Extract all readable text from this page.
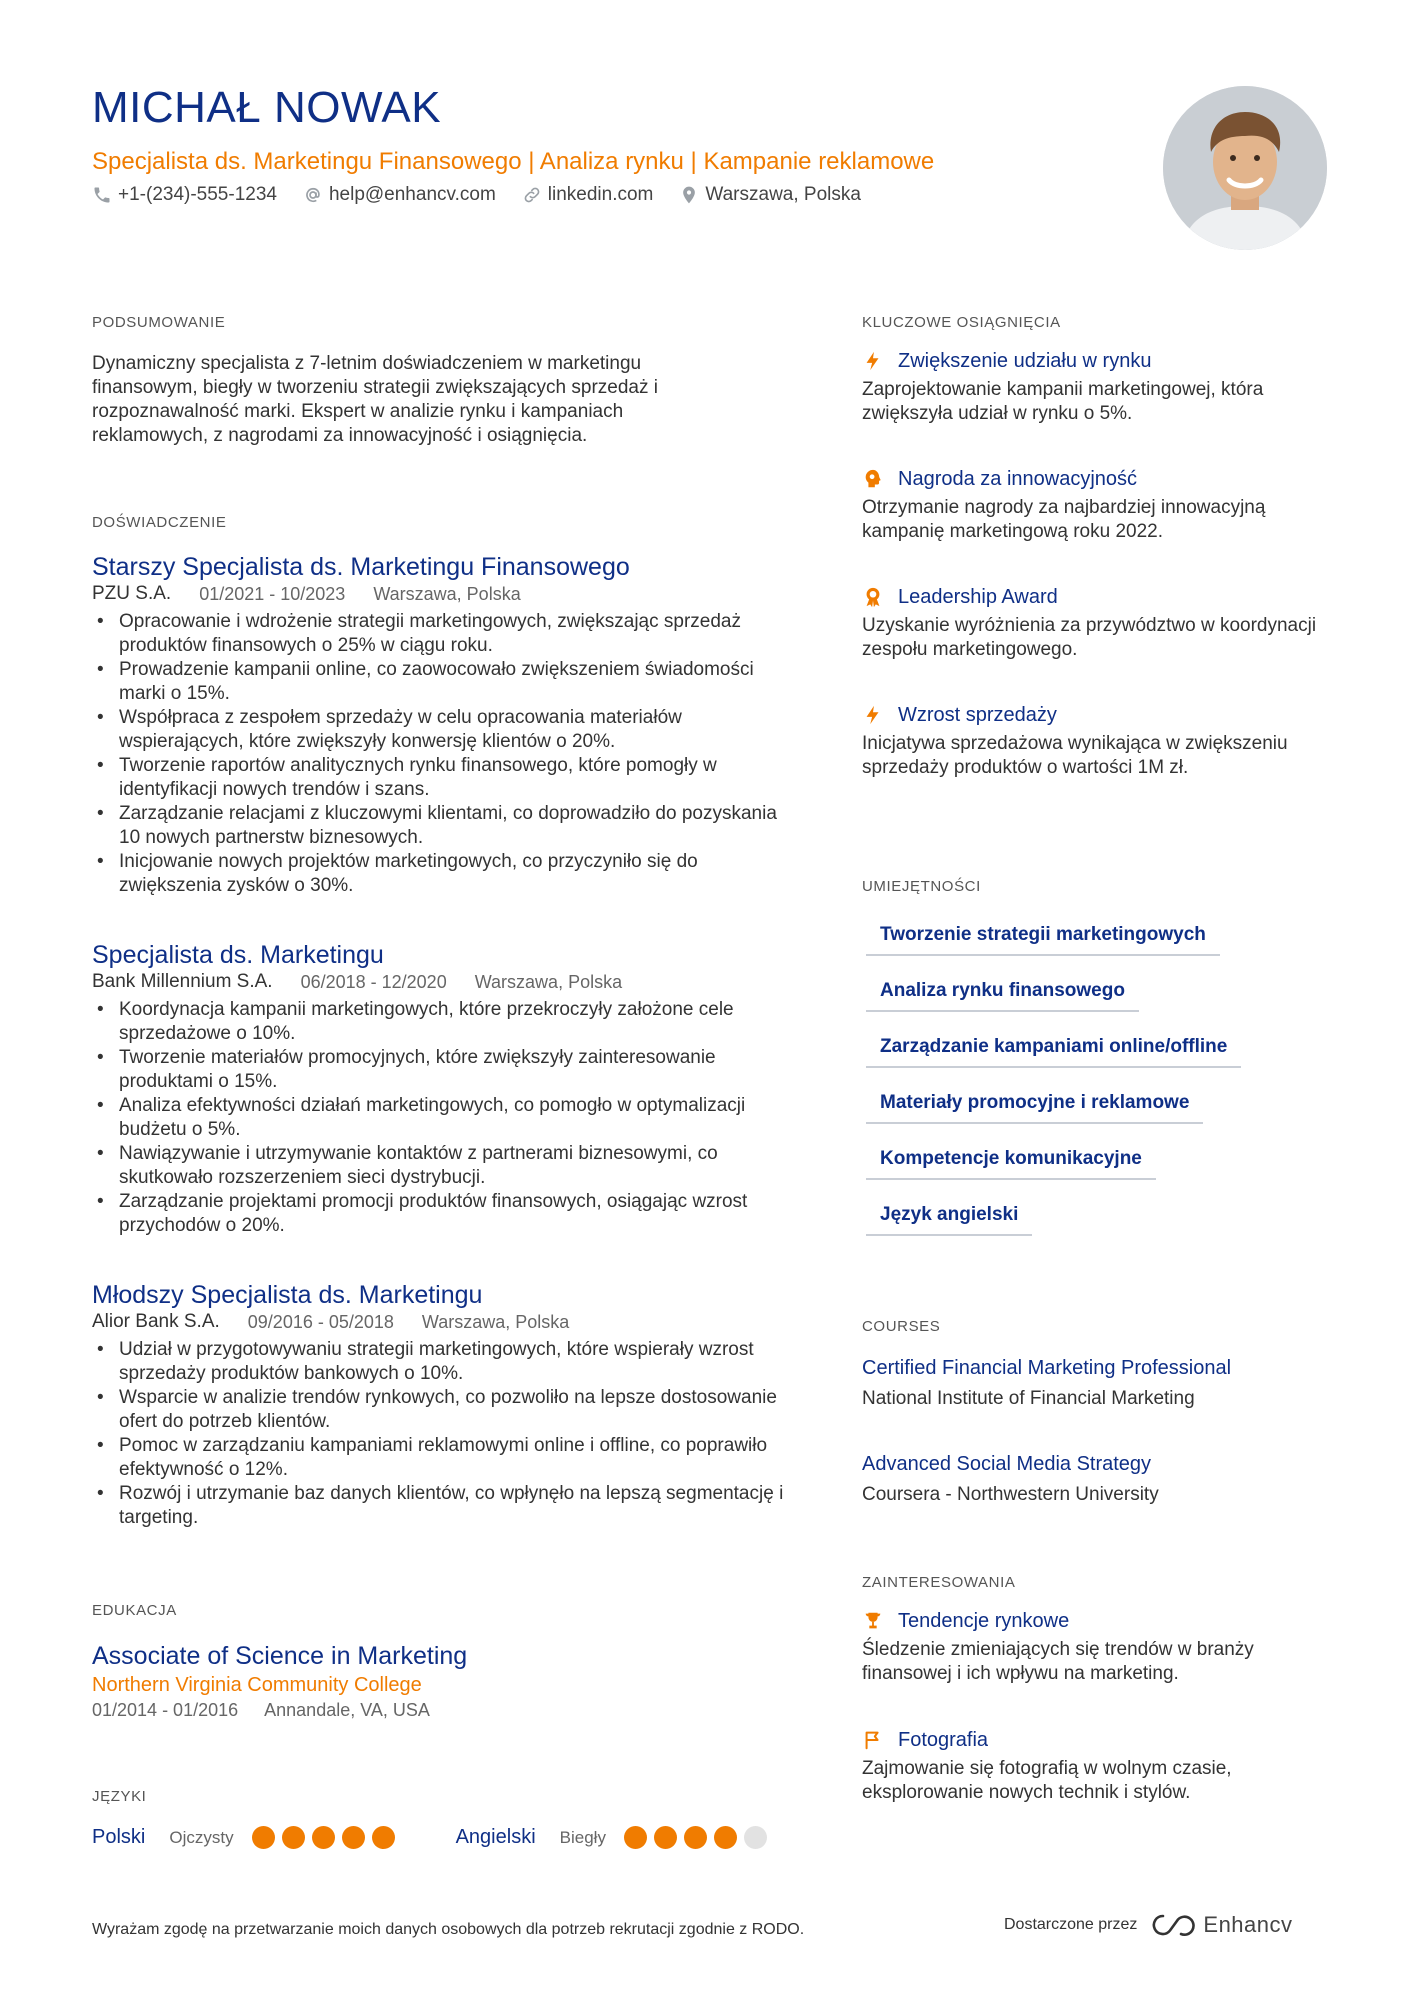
MICHAŁ NOWAK
Specjalista ds. Marketingu Finansowego | Analiza rynku | Kampanie reklamowe
+1-(234)-555-1234	help@enhancv.com	linkedin.com	Warszawa, Polska
PODSUMOWANIE
Dynamiczny specjalista z 7-letnim doświadczeniem w marketingu finansowym, biegły w tworzeniu strategii zwiększających sprzedaż i rozpoznawalność marki. Ekspert w analizie rynku i kampaniach reklamowych, z nagrodami za innowacyjność i osiągnięcia.
DOŚWIADCZENIE
Starszy Specjalista ds. Marketingu Finansowego
PZU S.A. 01/2021 - 10/2023 Warszawa, Polska
• Opracowanie i wdrożenie strategii marketingowych, zwiększając sprzedaż produktów finansowych o 25% w ciągu roku.
• Prowadzenie kampanii online, co zaowocowało zwiększeniem świadomości marki o 15%.
• Współpraca z zespołem sprzedaży w celu opracowania materiałów wspierających, które zwiększyły konwersję klientów o 20%.
• Tworzenie raportów analitycznych rynku finansowego, które pomogły w identyfikacji nowych trendów i szans.
• Zarządzanie relacjami z kluczowymi klientami, co doprowadziło do pozyskania 10 nowych partnerstw biznesowych.
• Inicjowanie nowych projektów marketingowych, co przyczyniło się do zwiększenia zysków o 30%.
Specjalista ds. Marketingu
Bank Millennium S.A. 06/2018 - 12/2020 Warszawa, Polska
• Koordynacja kampanii marketingowych, które przekroczyły założone cele sprzedażowe o 10%.
• Tworzenie materiałów promocyjnych, które zwiększyły zainteresowanie produktami o 15%.
• Analiza efektywności działań marketingowych, co pomogło w optymalizacji budżetu o 5%.
• Nawiązywanie i utrzymywanie kontaktów z partnerami biznesowymi, co skutkowało rozszerzeniem sieci dystrybucji.
• Zarządzanie projektami promocji produktów finansowych, osiągając wzrost przychodów o 20%.
Młodszy Specjalista ds. Marketingu
Alior Bank S.A. 09/2016 - 05/2018 Warszawa, Polska
• Udział w przygotowywaniu strategii marketingowych, które wspierały wzrost sprzedaży produktów bankowych o 10%.
• Wsparcie w analizie trendów rynkowych, co pozwoliło na lepsze dostosowanie ofert do potrzeb klientów.
• Pomoc w zarządzaniu kampaniami reklamowymi online i offline, co poprawiło efektywność o 12%.
• Rozwój i utrzymanie baz danych klientów, co wpłynęło na lepszą segmentację i targeting.
EDUKACJA
Associate of Science in Marketing
Northern Virginia Community College
01/2014 - 01/2016 Annandale, VA, USA
JĘZYKI
Polski Ojczysty	Angielski Biegły
KLUCZOWE OSIĄGNIĘCIA
Zwiększenie udziału w rynku
Zaprojektowanie kampanii marketingowej, która zwiększyła udział w rynku o 5%.
Nagroda za innowacyjność
Otrzymanie nagrody za najbardziej innowacyjną kampanię marketingową roku 2022.
Leadership Award
Uzyskanie wyróżnienia za przywództwo w koordynacji zespołu marketingowego.
Wzrost sprzedaży
Inicjatywa sprzedażowa wynikająca w zwiększeniu sprzedaży produktów o wartości 1M zł.
UMIEJĘTNOŚCI
Tworzenie strategii marketingowych
Analiza rynku finansowego
Zarządzanie kampaniami online/offline
Materiały promocyjne i reklamowe
Kompetencje komunikacyjne
Język angielski
COURSES
Certified Financial Marketing Professional
National Institute of Financial Marketing
Advanced Social Media Strategy
Coursera - Northwestern University
ZAINTERESOWANIA
Tendencje rynkowe
Śledzenie zmieniających się trendów w branży finansowej i ich wpływu na marketing.
Fotografia
Zajmowanie się fotografią w wolnym czasie, eksplorowanie nowych technik i stylów.
Wyrażam zgodę na przetwarzanie moich danych osobowych dla potrzeb rekrutacji zgodnie z RODO.	Dostarczone przez	Enhancv
